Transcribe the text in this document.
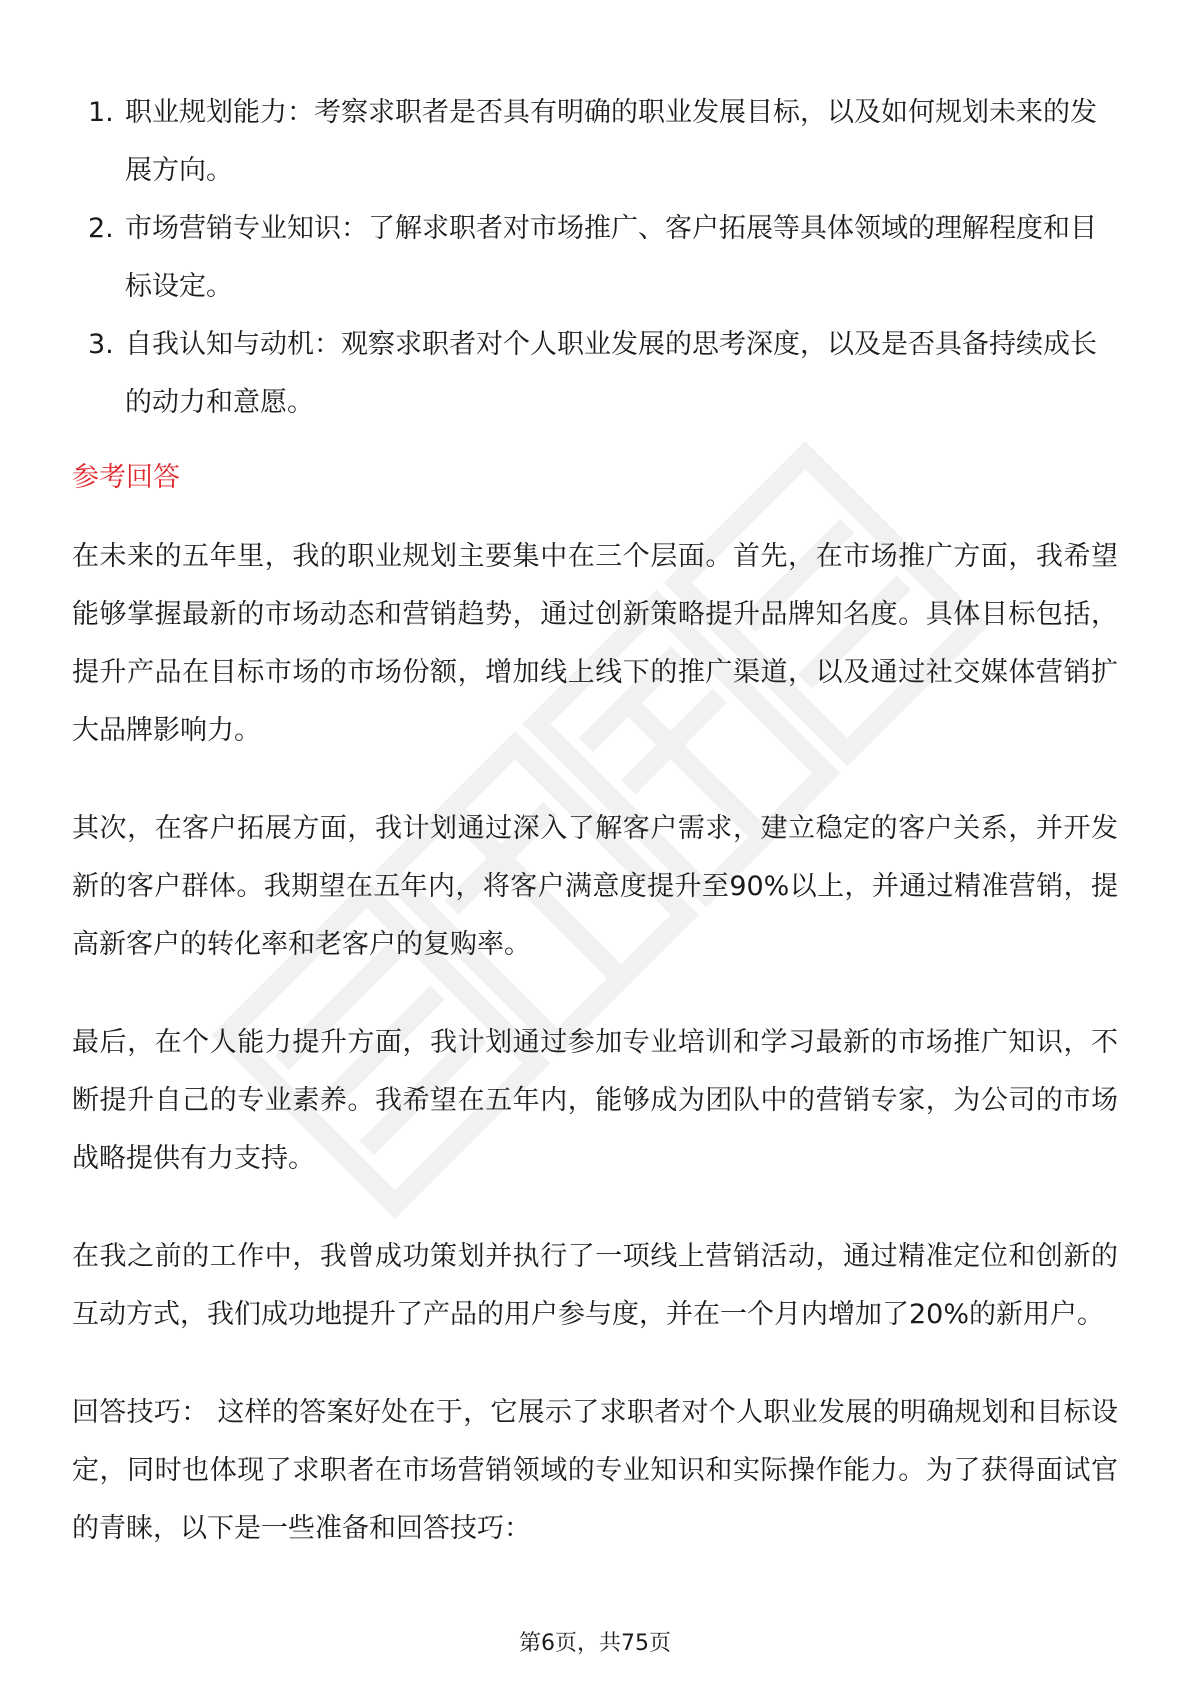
1. 职业规划能力：考察求职者是否具有明确的职业发展目标，以及如何规划未来的发展方向。
2. 市场营销专业知识：了解求职者对市场推广、客户拓展等具体领域的理解程度和目标设定。
3. 自我认知与动机：观察求职者对个人职业发展的思考深度，以及是否具备持续成长的动力和意愿。
参考回答

在未来的五年里，我的职业规划主要集中在三个层面。首先，在市场推广方面，我希望能够掌握最新的市场动态和营销趋势，通过创新策略提升品牌知名度。具体目标包括，提升产品在目标市场的市场份额，增加线上线下的推广渠道，以及通过社交媒体营销扩大品牌影响力。

其次，在客户拓展方面，我计划通过深入了解客户需求，建立稳定的客户关系，并开发新的客户群体。我期望在五年内，将客户满意度提升至90%以上，并通过精准营销，提高新客户的转化率和老客户的复购率。

最后，在个人能力提升方面，我计划通过参加专业培训和学习最新的市场推广知识，不断提升自己的专业素养。我希望在五年内，能够成为团队中的营销专家，为公司的市场战略提供有力支持。

在我之前的工作中，我曾成功策划并执行了一项线上营销活动，通过精准定位和创新的互动方式，我们成功地提升了产品的用户参与度，并在一个月内增加了20%的新用户。

回答技巧： 这样的答案好处在于，它展示了求职者对个人职业发展的明确规划和目标设定，同时也体现了求职者在市场营销领域的专业知识和实际操作能力。为了获得面试官的青睐，以下是一些准备和回答技巧：

第6页，共75页
